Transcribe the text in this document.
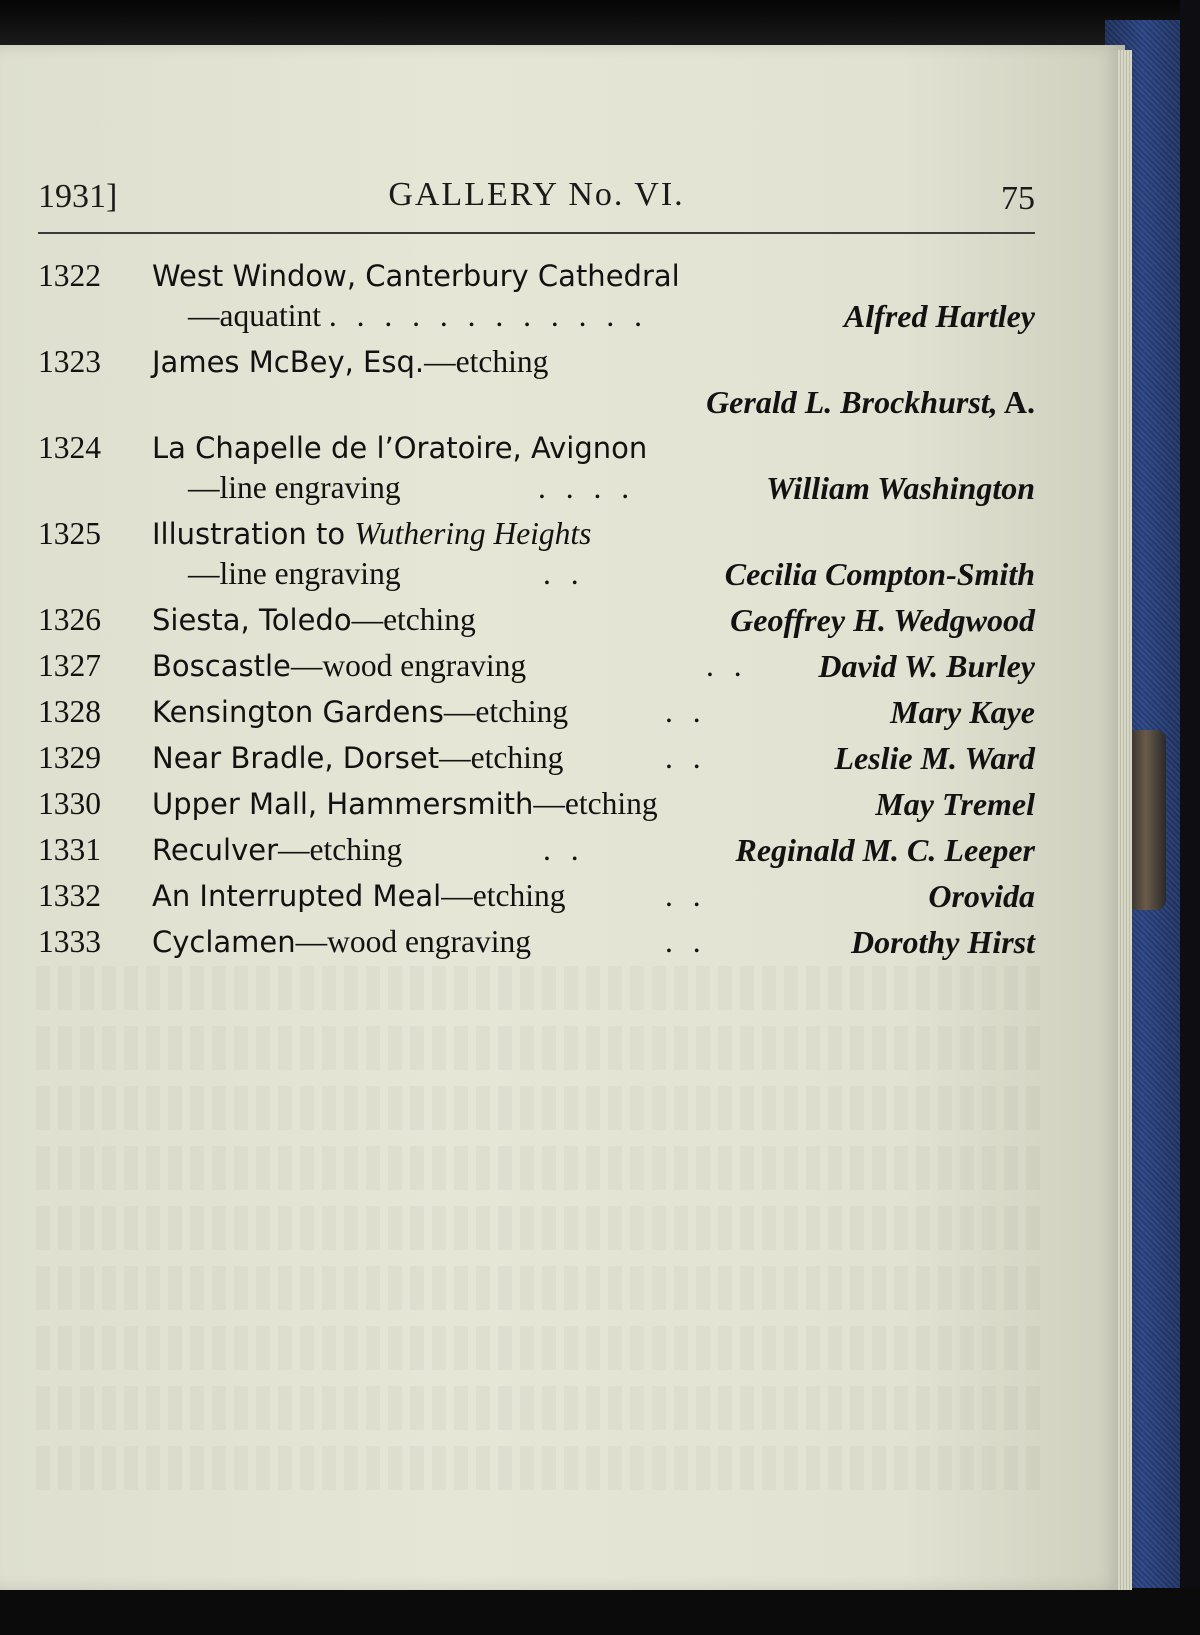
1931]	GALLERY No. VI.	75
1322	West Window, Canterbury Cathedral
—aquatint . . . . . . . . . . . .	Alfred Hartley
1323	James McBey, Esq.—etching
Gerald L. Brockhurst, A.
1324	La Chapelle de l’Oratoire, Avignon
—line engraving	. . . .	William Washington
1325	Illustration to Wuthering Heights
—line engraving	. .	Cecilia Compton-Smith
1326	Siesta, Toledo—etching	Geoffrey H. Wedgwood
1327	Boscastle—wood engraving	. . David W. Burley
1328	Kensington Gardens—etching	. .	Mary Kaye
1329	Near Bradle, Dorset—etching	. .	Leslie M. Ward
1330	Upper Mall, Hammersmith—etching	May Tremel
1331	Reculver—etching	. .	Reginald M. C. Leeper
1332	An Interrupted Meal—etching	. .	Orovida
1333	Cyclamen—wood engraving	. .	Dorothy Hirst
